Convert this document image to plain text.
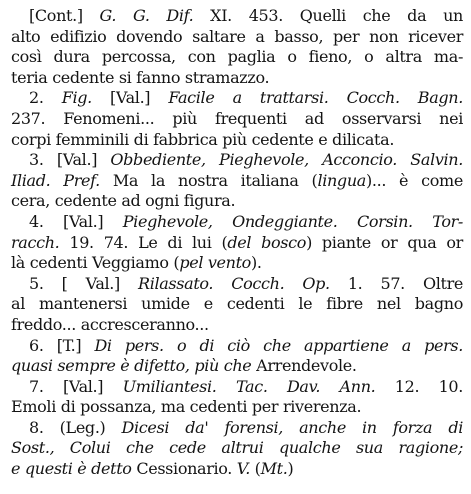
[Cont.] G. G. Dif. XI. 453. Quelli che da un
alto edifizio dovendo saltare a basso, per non ricever
così dura percossa, con paglia o fieno, o altra ma-
teria cedente si fanno stramazzo.
2. Fig. [Val.] Facile a trattarsi. Cocch. Bagn.
237. Fenomeni... più frequenti ad osservarsi nei
corpi femminili di fabbrica più cedente e dilicata.
3. [Val.] Obbediente, Pieghevole, Acconcio. Salvin.
Iliad. Pref. Ma la nostra italiana (lingua)... è come
cera, cedente ad ogni figura.
4. [Val.] Pieghevole, Ondeggiante. Corsin. Tor-
racch. 19. 74. Le di lui (del bosco) piante or qua or
là cedenti Veggiamo (pel vento).
5. [ Val.] Rilassato. Cocch. Op. 1. 57. Oltre
al mantenersi umide e cedenti le fibre nel bagno
freddo... accresceranno...
6. [T.] Di pers. o di ciò che appartiene a pers.
quasi sempre è difetto, più che Arrendevole.
7. [Val.] Umiliantesi. Tac. Dav. Ann. 12. 10.
Emoli di possanza, ma cedenti per riverenza.
8. (Leg.) Dicesi da' forensi, anche in forza di
Sost., Colui che cede altrui qualche sua ragione;
e questi è detto Cessionario. V. (Mt.)
